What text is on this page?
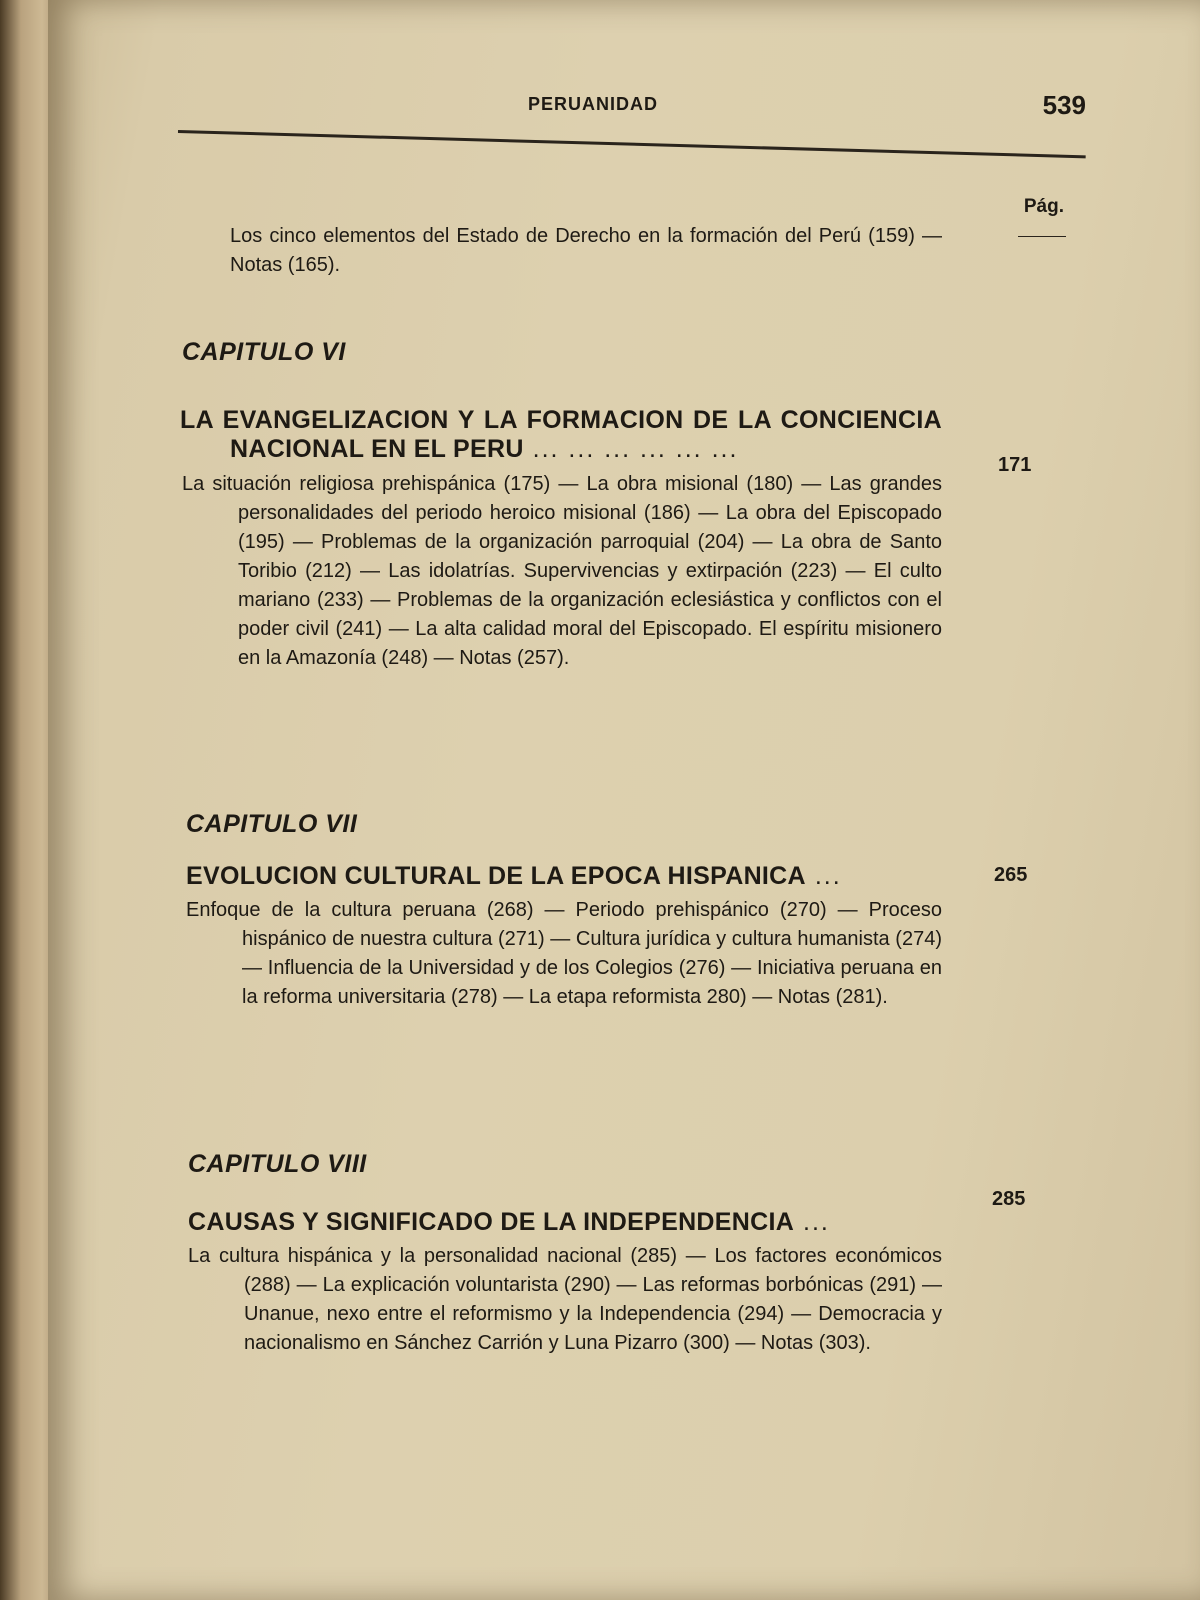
PERUANIDAD	539
Pág.
Los cinco elementos del Estado de Derecho en la formación del Perú (159) — Notas (165).
CAPITULO VI
LA EVANGELIZACION Y LA FORMACION DE LA CONCIENCIA NACIONAL EN EL PERU ... ... ... ... ... ...
171
La situación religiosa prehispánica (175) — La obra misional (180) — Las grandes personalidades del periodo heroico misional (186) — La obra del Episcopado (195) — Problemas de la organización parroquial (204) — La obra de Santo Toribio (212) — Las idolatrías. Supervivencias y extirpación (223) — El culto mariano (233) — Problemas de la organización eclesiástica y conflictos con el poder civil (241) — La alta calidad moral del Episcopado. El espíritu misionero en la Amazonía (248) — Notas (257).
CAPITULO VII
EVOLUCION CULTURAL DE LA EPOCA HISPANICA ...	265
Enfoque de la cultura peruana (268) — Periodo prehispánico (270) — Proceso hispánico de nuestra cultura (271) — Cultura jurídica y cultura humanista (274) — Influencia de la Universidad y de los Colegios (276) — Iniciativa peruana en la reforma universitaria (278) — La etapa reformista 280) — Notas (281).
CAPITULO VIII
CAUSAS Y SIGNIFICADO DE LA INDEPENDENCIA ...
285
La cultura hispánica y la personalidad nacional (285) — Los factores económicos (288) — La explicación voluntarista (290) — Las reformas borbónicas (291) — Unanue, nexo entre el reformismo y la Independencia (294) — Democracia y nacionalismo en Sánchez Carrión y Luna Pizarro (300) — Notas (303).
